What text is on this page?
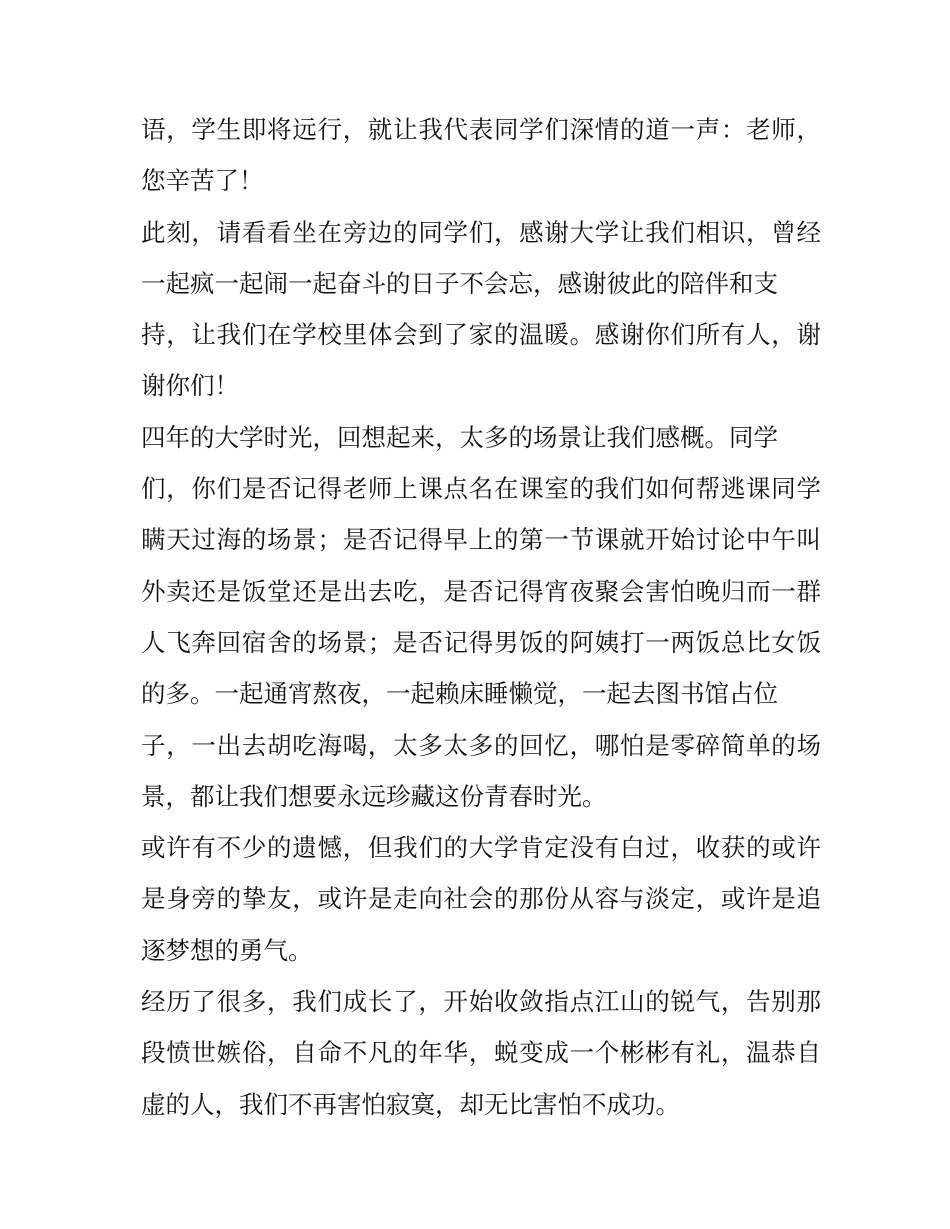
语，学生即将远行，就让我代表同学们深情的道一声：老师，
您辛苦了！
此刻，请看看坐在旁边的同学们，感谢大学让我们相识，曾经
一起疯一起闹一起奋斗的日子不会忘，感谢彼此的陪伴和支
持，让我们在学校里体会到了家的温暖。感谢你们所有人，谢
谢你们！
四年的大学时光，回想起来，太多的场景让我们感概。同学
们，你们是否记得老师上课点名在课室的我们如何帮逃课同学
瞒天过海的场景；是否记得早上的第一节课就开始讨论中午叫
外卖还是饭堂还是出去吃，是否记得宵夜聚会害怕晚归而一群
人飞奔回宿舍的场景；是否记得男饭的阿姨打一两饭总比女饭
的多。一起通宵熬夜，一起赖床睡懒觉，一起去图书馆占位
子，一出去胡吃海喝，太多太多的回忆，哪怕是零碎简单的场
景，都让我们想要永远珍藏这份青春时光。
或许有不少的遗憾，但我们的大学肯定没有白过，收获的或许
是身旁的挚友，或许是走向社会的那份从容与淡定，或许是追
逐梦想的勇气。
经历了很多，我们成长了，开始收敛指点江山的锐气，告别那
段愤世嫉俗，自命不凡的年华，蜕变成一个彬彬有礼，温恭自
虚的人，我们不再害怕寂寞，却无比害怕不成功。
